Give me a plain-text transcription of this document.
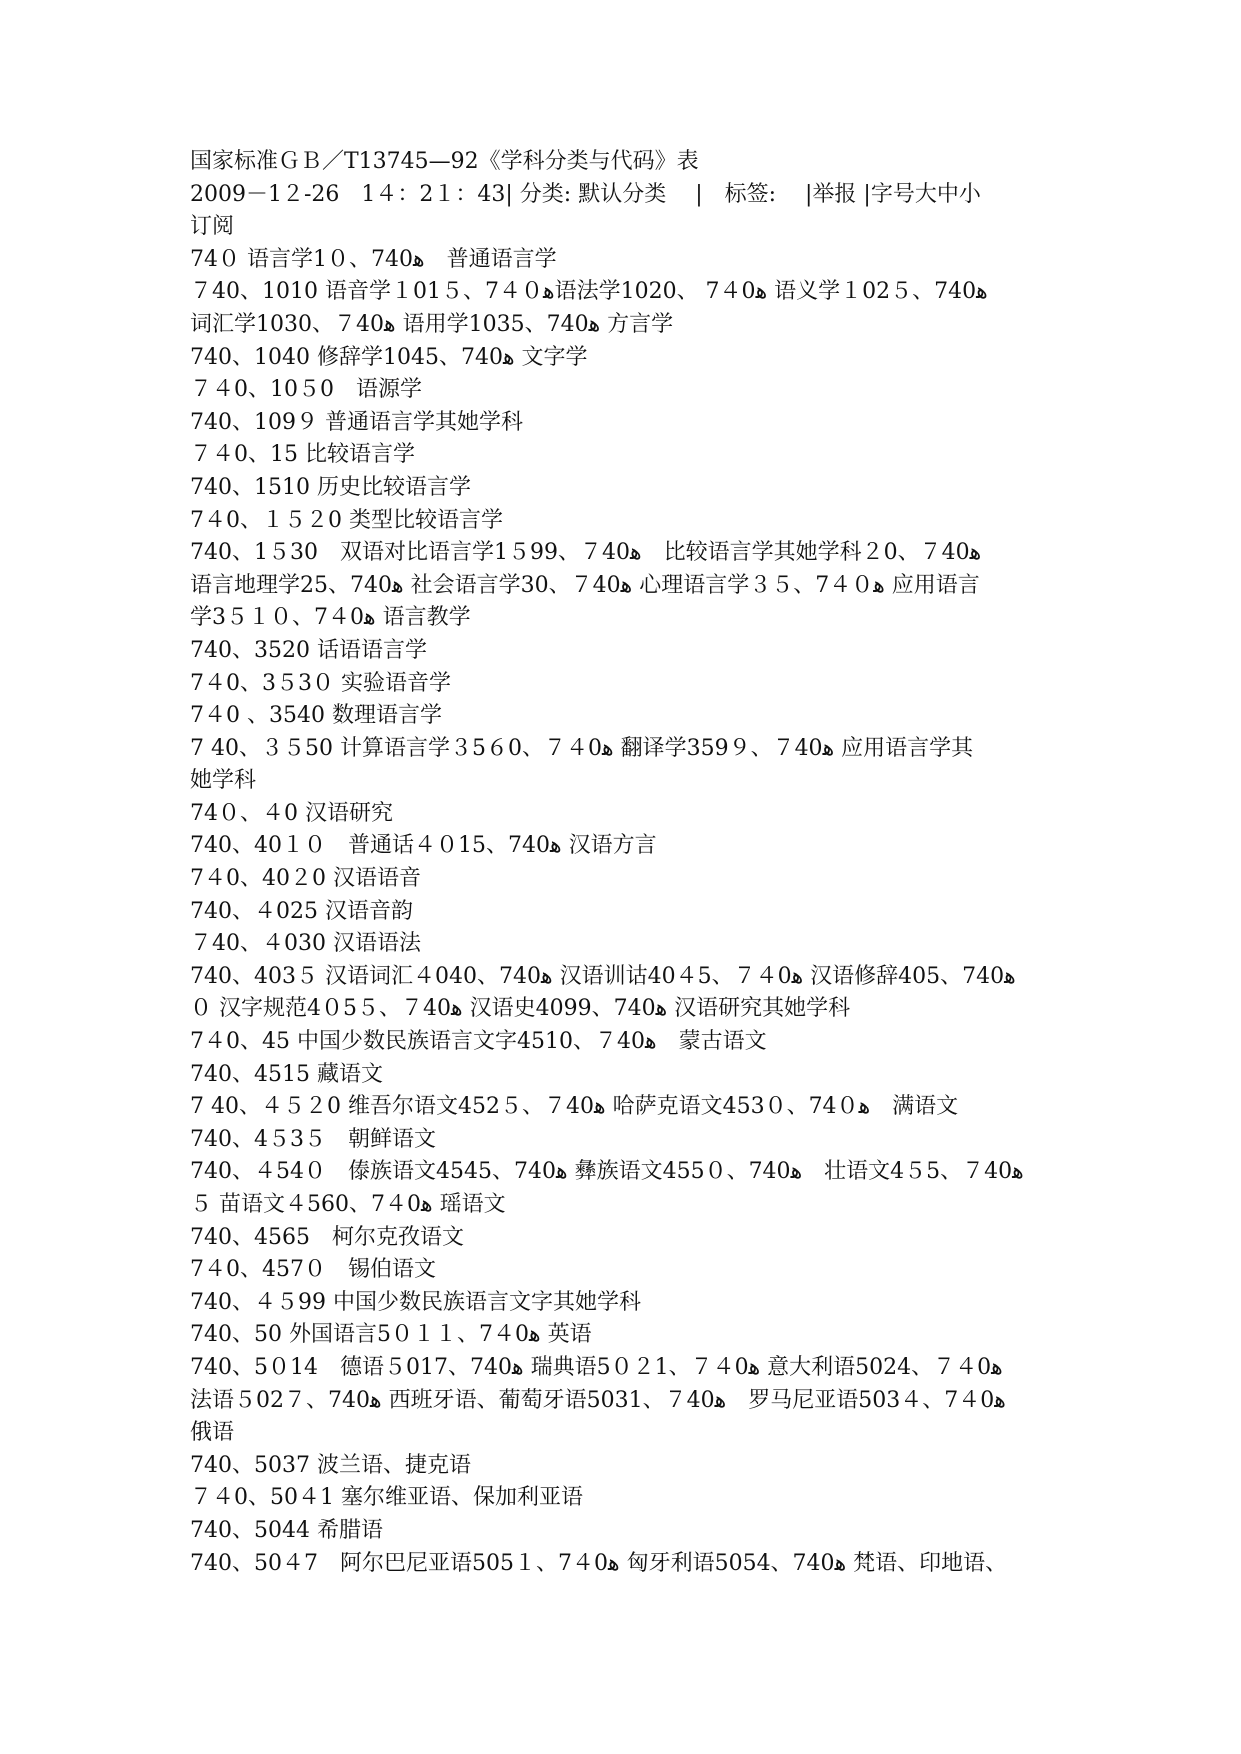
国家标准ＧＢ／T13745—92《学科分类与代码》表
2009－1２-26　1４：2１：43| 分类: 默认分类　 |　标签:　 |举报 |字号大中小
订阅
74０ 语言学1０、740ﻫ　普通语言学
７40、1010 语音学１01５、7４０ﻫ语法学1020、 7４0ﻫ 语义学１02５、740ﻫ
词汇学1030、７40ﻫ 语用学1035、740ﻫ 方言学
740、1040 修辞学1045、740ﻫ 文字学
７４0、10５0　语源学
740、109９ 普通语言学其她学科
７４0、15 比较语言学
740、1510 历史比较语言学
7４0、１５２0 类型比较语言学
740、1５30　双语对比语言学1５99、７40ﻫ　比较语言学其她学科２0、７40ﻫ
语言地理学25、740ﻫ 社会语言学30、７40ﻫ 心理语言学３５、7４０ﻫ 应用语言
学3５１０、7４0ﻫ 语言教学
740、3520 话语语言学
7４0、3５3０ 实验语音学
7４0 、3540 数理语言学
7 40、３５50 计算语言学３5６0、７４0ﻫ 翻译学359９、７40ﻫ 应用语言学其
她学科
74０、４0 汉语研究
740、40１０　普通话４０15、740ﻫ 汉语方言
7４0、40２0 汉语语音
740、４025 汉语音韵
７40、４030 汉语语法
740、403５ 汉语词汇４040、740ﻫ 汉语训诂40４5、７４0ﻫ 汉语修辞405、740ﻫ
０ 汉字规范4０5５、７40ﻫ 汉语史4099、740ﻫ 汉语研究其她学科
7４0、45 中国少数民族语言文字4510、７40ﻫ　蒙古语文
740、4515 藏语文
7 40、４５２0 维吾尔语文452５、７40ﻫ 哈萨克语文453０、74０ﻫ　满语文
740、4５3５　朝鲜语文
740、４54０　傣族语文4545、740ﻫ 彝族语文455０、740ﻫ　壮语文4５5、７40ﻫ
５ 苗语文４560、7４0ﻫ 瑶语文
740、4565　柯尔克孜语文
7４0、457０　锡伯语文
740、４５99 中国少数民族语言文字其她学科
740、50 外国语言5０１１、7４0ﻫ 英语
740、5０14　德语５017、740ﻫ 瑞典语5０２1、７４0ﻫ 意大利语5024、７４0ﻫ
法语５02７、740ﻫ 西班牙语、葡萄牙语5031、７40ﻫ　罗马尼亚语503４、7４0ﻫ
俄语
740、5037 波兰语、捷克语
７４0、50４1 塞尔维亚语、保加利亚语
740、5044 希腊语
740、50４7　阿尔巴尼亚语505１、7４0ﻫ 匈牙利语5054、740ﻫ 梵语、印地语、
